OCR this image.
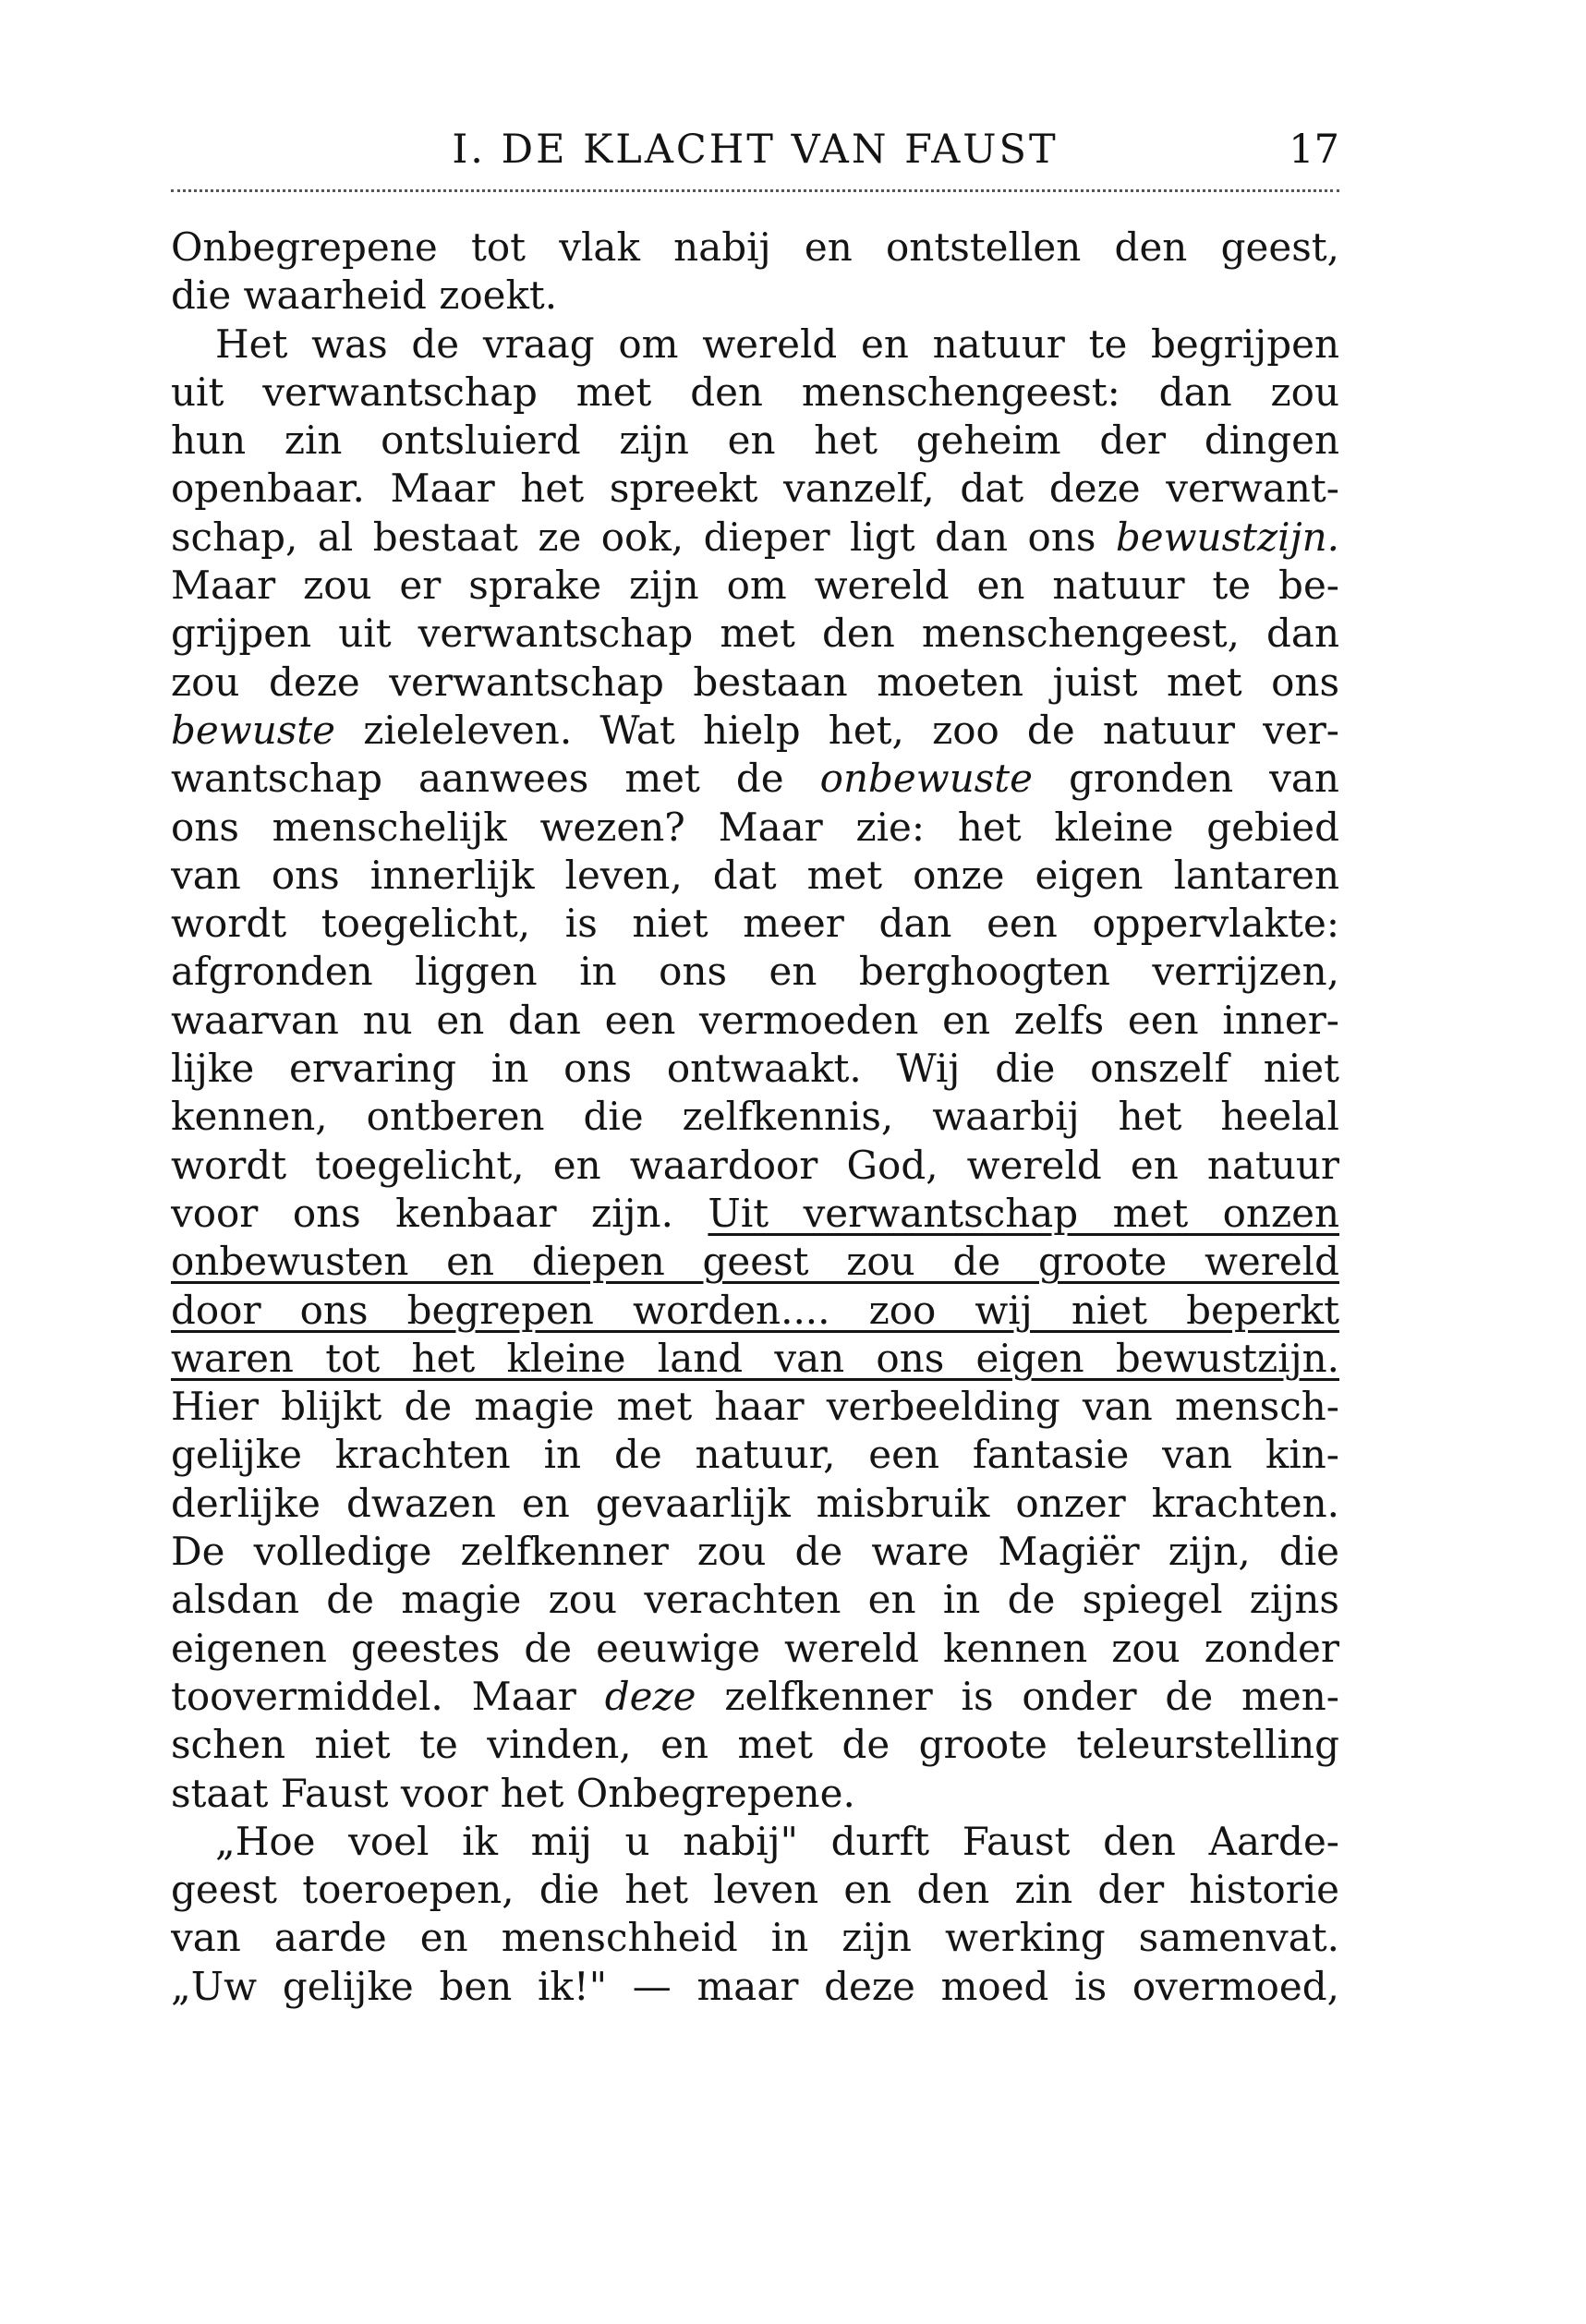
I. DE KLACHT VAN FAUST	17
Onbegrepene tot vlak nabij en ontstellen den geest,
die waarheid zoekt.
Het was de vraag om wereld en natuur te begrijpen
uit verwantschap met den menschengeest: dan zou
hun zin ontsluierd zijn en het geheim der dingen
openbaar. Maar het spreekt vanzelf, dat deze verwant-
schap, al bestaat ze ook, dieper ligt dan ons bewustzijn.
Maar zou er sprake zijn om wereld en natuur te be-
grijpen uit verwantschap met den menschengeest, dan
zou deze verwantschap bestaan moeten juist met ons
bewuste zieleleven. Wat hielp het, zoo de natuur ver-
wantschap aanwees met de onbewuste gronden van
ons menschelijk wezen? Maar zie: het kleine gebied
van ons innerlijk leven, dat met onze eigen lantaren
wordt toegelicht, is niet meer dan een oppervlakte:
afgronden liggen in ons en berghoogten verrijzen,
waarvan nu en dan een vermoeden en zelfs een inner-
lijke ervaring in ons ontwaakt. Wij die onszelf niet
kennen, ontberen die zelfkennis, waarbij het heelal
wordt toegelicht, en waardoor God, wereld en natuur
voor ons kenbaar zijn. Uit verwantschap met onzen
onbewusten en diepen geest zou de groote wereld
door ons begrepen worden.... zoo wij niet beperkt
waren tot het kleine land van ons eigen bewustzijn.
Hier blijkt de magie met haar verbeelding van mensch-
gelijke krachten in de natuur, een fantasie van kin-
derlijke dwazen en gevaarlijk misbruik onzer krachten.
De volledige zelfkenner zou de ware Magiër zijn, die
alsdan de magie zou verachten en in de spiegel zijns
eigenen geestes de eeuwige wereld kennen zou zonder
toovermiddel. Maar deze zelfkenner is onder de men-
schen niet te vinden, en met de groote teleurstelling
staat Faust voor het Onbegrepene.
„Hoe voel ik mij u nabij" durft Faust den Aarde-
geest toeroepen, die het leven en den zin der historie
van aarde en menschheid in zijn werking samenvat.
„Uw gelijke ben ik!" — maar deze moed is overmoed,
